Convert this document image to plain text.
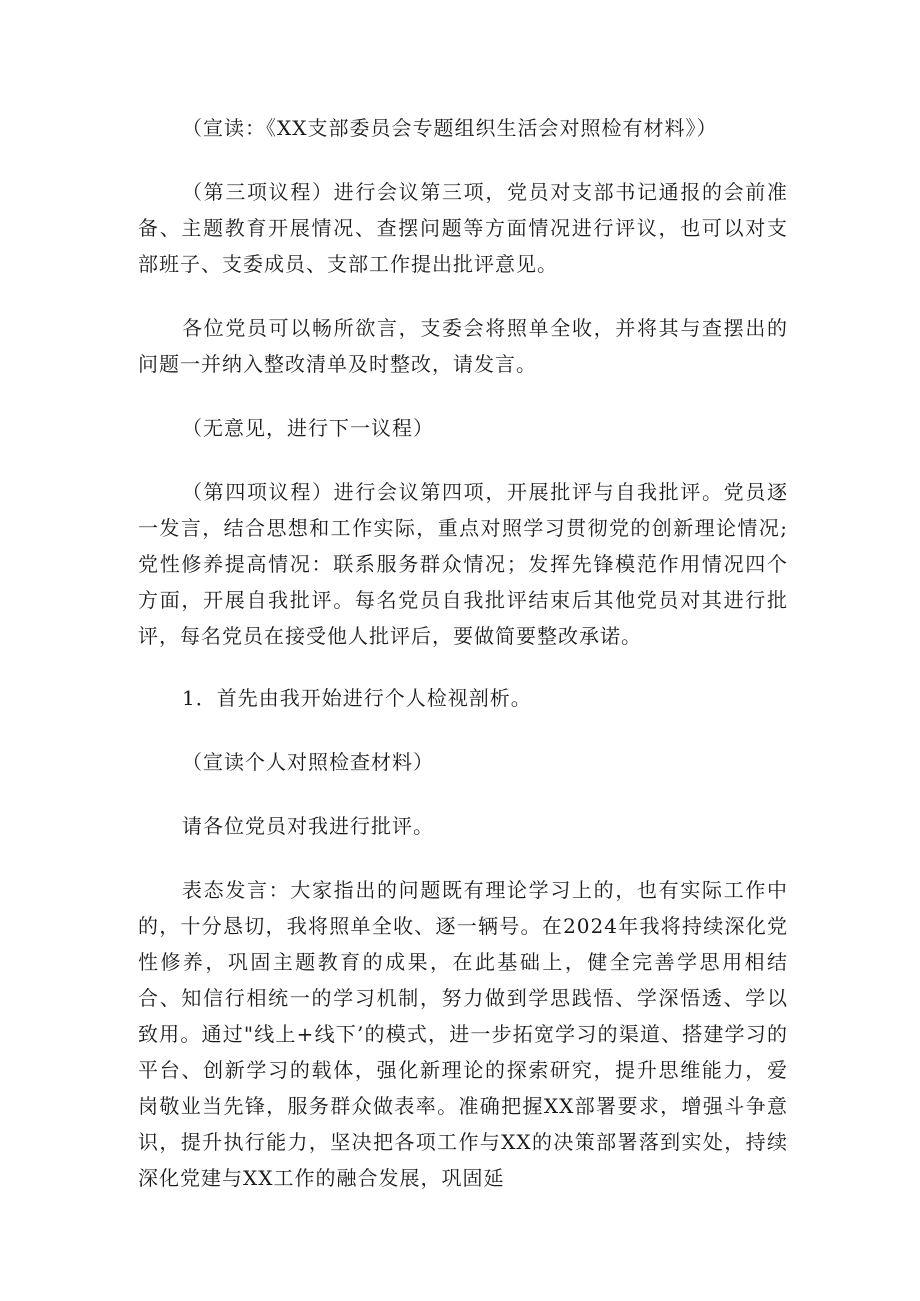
（宣读：《XX支部委员会专题组织生活会对照检有材料》）

（第三项议程）进行会议第三项，党员对支部书记通报的会前准备、主题教育开展情况、查摆问题等方面情况进行评议，也可以对支部班子、支委成员、支部工作提出批评意见。

各位党员可以畅所欲言，支委会将照单全收，并将其与查摆出的问题一并纳入整改清单及时整改，请发言。

（无意见，进行下一议程）

（第四项议程）进行会议第四项，开展批评与自我批评。党员逐一发言，结合思想和工作实际，重点对照学习贯彻党的创新理论情况;党性修养提高情况：联系服务群众情况；发挥先锋模范作用情况四个方面，开展自我批评。每名党员自我批评结束后其他党员对其进行批评，每名党员在接受他人批评后，要做简要整改承诺。

1．首先由我开始进行个人检视剖析。

（宣读个人对照检查材料）

请各位党员对我进行批评。

表态发言：大家指出的问题既有理论学习上的，也有实际工作中的，十分恳切，我将照单全收、逐一辆号。在2024年我将持续深化党性修养，巩固主题教育的成果，在此基础上，健全完善学思用相结合、知信行相统一的学习机制，努力做到学思践悟、学深悟透、学以致用。通过"线上+线下’的模式，进一步拓宽学习的渠道、搭建学习的平台、创新学习的载体，强化新理论的探索研究，提升思维能力，爱岗敬业当先锋，服务群众做表率。准确把握XX部署要求，增强斗争意识，提升执行能力，坚决把各项工作与XX的决策部署落到实处，持续深化党建与XX工作的融合发展，巩固延
